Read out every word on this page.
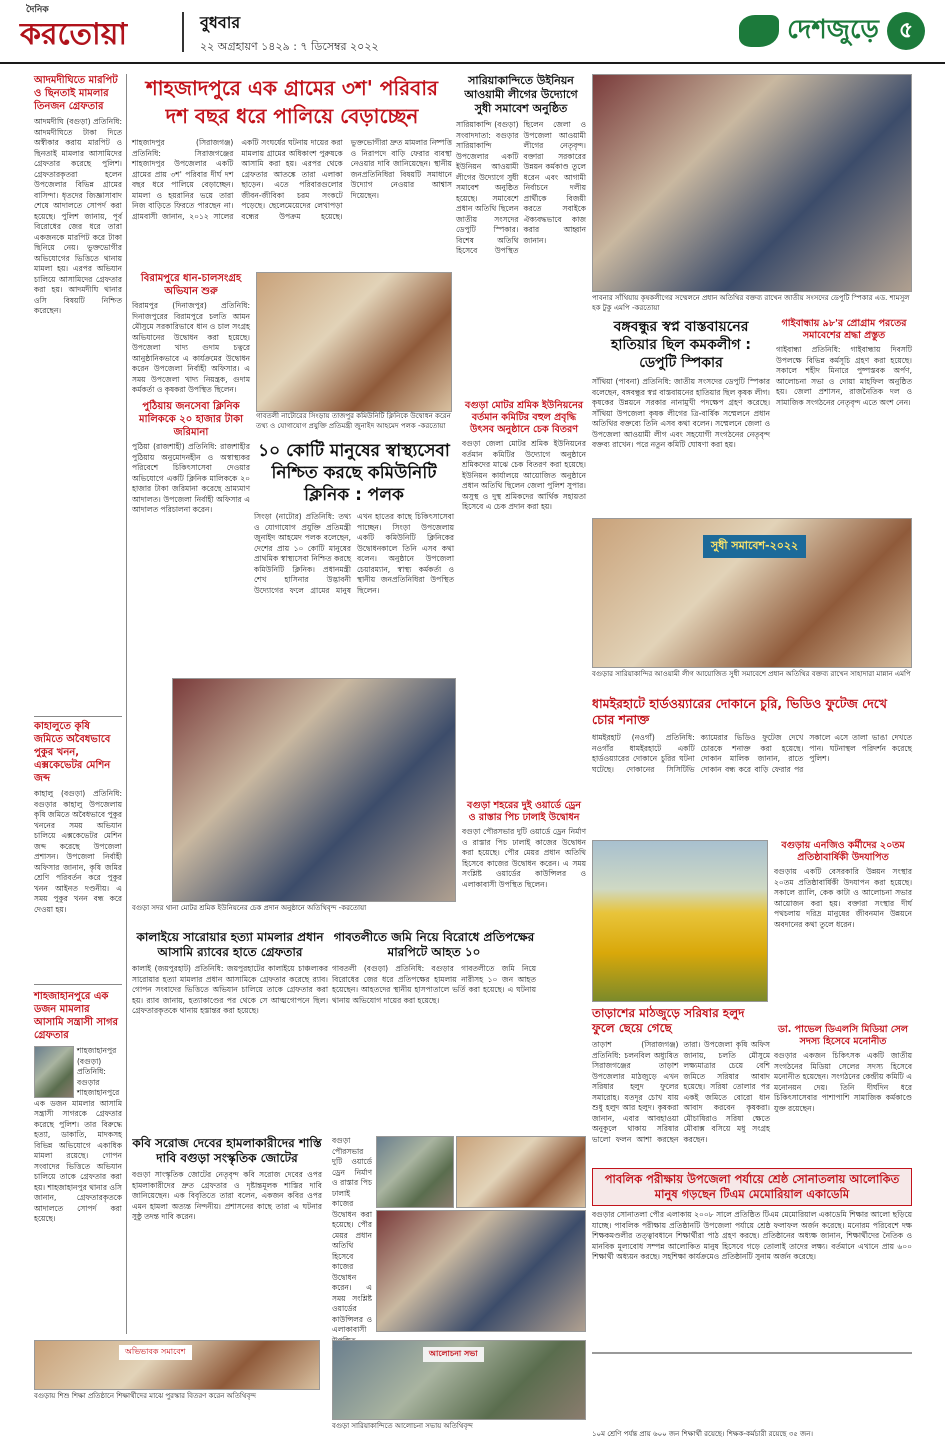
দৈনিক
করতোয়া	বুধবার
২২ অগ্রহায়ণ ১৪২৯ : ৭ ডিসেম্বর ২০২২
দেশজুড়ে ৫
আদমদীঘিতে মারপিট ও ছিনতাই মামলার তিনজন গ্রেফতার
আদমদীঘি (বগুড়া) প্রতিনিধি: আদমদীঘিতে টাকা দিতে অস্বীকার করায় মারপিট ও ছিনতাই মামলার আসামিদের গ্রেফতার করেছে পুলিশ। গ্রেফতারকৃতরা হলেন উপজেলার বিভিন্ন গ্রামের বাসিন্দা। ধৃতদের জিজ্ঞাসাবাদ শেষে আদালতে সোপর্দ করা হয়েছে। পুলিশ জানায়, পূর্ব বিরোধের জের ধরে তারা একজনকে মারপিট করে টাকা ছিনিয়ে নেয়। ভুক্তভোগীর অভিযোগের ভিত্তিতে থানায় মামলা হয়। এরপর অভিযান চালিয়ে আসামিদের গ্রেফতার করা হয়। আদমদীঘি থানার ওসি বিষয়টি নিশ্চিত করেছেন।
কাহালুতে কৃষি জমিতে অবৈধভাবে পুকুর খনন, এক্সকেভেটর মেশিন জব্দ
কাহালু (বগুড়া) প্রতিনিধি: বগুড়ার কাহালু উপজেলায় কৃষি জমিতে অবৈধভাবে পুকুর খননের সময় অভিযান চালিয়ে এক্সকেভেটর মেশিন জব্দ করেছে উপজেলা প্রশাসন। উপজেলা নির্বাহী অফিসার জানান, কৃষি জমির শ্রেণি পরিবর্তন করে পুকুর খনন আইনত দণ্ডনীয়। এ সময় পুকুর খনন বন্ধ করে দেওয়া হয়।
শাহজাহানপুরে এক ডজন মামলার আসামি সন্ত্রাসী সাগর গ্রেফতার
শাহজাহানপুর (বগুড়া) প্রতিনিধি: বগুড়ার শাহজাহানপুরে এক ডজন মামলার আসামি সন্ত্রাসী সাগরকে গ্রেফতার করেছে পুলিশ। তার বিরুদ্ধে হত্যা, ডাকাতি, মাদকসহ বিভিন্ন অভিযোগে একাধিক মামলা রয়েছে। গোপন সংবাদের ভিত্তিতে অভিযান চালিয়ে তাকে গ্রেফতার করা হয়। শাহজাহানপুর থানার ওসি জানান, গ্রেফতারকৃতকে আদালতে সোপর্দ করা হয়েছে।
শাহজাদপুরে এক গ্রামের ৩শ' পরিবার দশ বছর ধরে পালিয়ে বেড়াচ্ছেন
শাহজাদপুর (সিরাজগঞ্জ) প্রতিনিধি: সিরাজগঞ্জের শাহজাদপুর উপজেলার একটি গ্রামের প্রায় ৩শ' পরিবার দীর্ঘ দশ বছর ধরে পালিয়ে বেড়াচ্ছেন। মামলা ও হয়রানির ভয়ে তারা নিজ বাড়িতে ফিরতে পারছেন না। গ্রামবাসী জানান, ২০১২ সালের একটি সংঘর্ষের ঘটনায় দায়ের করা মামলায় গ্রামের অধিকাংশ পুরুষকে আসামি করা হয়। এরপর থেকে গ্রেফতার আতঙ্কে তারা এলাকা ছাড়েন। এতে পরিবারগুলোর জীবন-জীবিকা চরম সংকটে পড়েছে। ছেলেমেয়েদের লেখাপড়া বন্ধের উপক্রম হয়েছে। ভুক্তভোগীরা দ্রুত মামলার নিষ্পত্তি ও নিরাপদে বাড়ি ফেরার ব্যবস্থা নেওয়ার দাবি জানিয়েছেন। স্থানীয় জনপ্রতিনিধিরা বিষয়টি সমাধানে উদ্যোগ নেওয়ার আশ্বাস দিয়েছেন।
সারিয়াকান্দিতে উইনিয়ন আওয়ামী লীগের উদ্যোগে সুধী সমাবেশ অনুষ্ঠিত
সারিয়াকান্দি (বগুড়া) সংবাদদাতা: বগুড়ার সারিয়াকান্দি উপজেলার একটি ইউনিয়ন আওয়ামী লীগের উদ্যোগে সুধী সমাবেশ অনুষ্ঠিত হয়েছে। সমাবেশে প্রধান অতিথি ছিলেন জাতীয় সংসদের ডেপুটি স্পিকার। বিশেষ অতিথি হিসেবে উপস্থিত ছিলেন জেলা ও উপজেলা আওয়ামী লীগের নেতৃবৃন্দ। বক্তারা সরকারের উন্নয়ন কর্মকাণ্ড তুলে ধরেন এবং আগামী নির্বাচনে দলীয় প্রার্থীকে বিজয়ী করতে সবাইকে ঐক্যবদ্ধভাবে কাজ করার আহ্বান জানান।
বিরামপুরে ধান-চালসংগ্রহ অভিযান শুরু
বিরামপুর (দিনাজপুর) প্রতিনিধি: দিনাজপুরের বিরামপুরে চলতি আমন মৌসুমে সরকারিভাবে ধান ও চাল সংগ্রহ অভিযানের উদ্বোধন করা হয়েছে। উপজেলা খাদ্য গুদাম চত্বরে আনুষ্ঠানিকভাবে এ কার্যক্রমের উদ্বোধন করেন উপজেলা নির্বাহী অফিসার। এ সময় উপজেলা খাদ্য নিয়ন্ত্রক, গুদাম কর্মকর্তা ও কৃষকরা উপস্থিত ছিলেন।
পুঠিয়ায় জনসেবা ক্লিনিক মালিককে ২০ হাজার টাকা জরিমানা
পুঠিয়া (রাজশাহী) প্রতিনিধি: রাজশাহীর পুঠিয়ায় অনুমোদনহীন ও অস্বাস্থ্যকর পরিবেশে চিকিৎসাসেবা দেওয়ার অভিযোগে একটি ক্লিনিক মালিককে ২০ হাজার টাকা জরিমানা করেছে ভ্রাম্যমাণ আদালত। উপজেলা নির্বাহী অফিসার এ আদালত পরিচালনা করেন।
গাবতলী নাটোরের সিংড়ায় তাজপুর কমিউনিটি ক্লিনিকে উদ্বোধন করেন তথ্য ও যোগাযোগ প্রযুক্তি প্রতিমন্ত্রী জুনাইদ আহমেদ পলক -করতোয়া
১০ কোটি মানুষের স্বাস্থ্যসেবা নিশ্চিত করছে কমিউনিটি ক্লিনিক : পলক
সিংড়া (নাটোর) প্রতিনিধি: তথ্য ও যোগাযোগ প্রযুক্তি প্রতিমন্ত্রী জুনাইদ আহমেদ পলক বলেছেন, দেশের প্রায় ১০ কোটি মানুষের প্রাথমিক স্বাস্থ্যসেবা নিশ্চিত করছে কমিউনিটি ক্লিনিক। প্রধানমন্ত্রী শেখ হাসিনার উদ্ভাবনী উদ্যোগের ফলে গ্রামের মানুষ এখন হাতের কাছে চিকিৎসাসেবা পাচ্ছেন। সিংড়া উপজেলায় একটি কমিউনিটি ক্লিনিকের উদ্বোধনকালে তিনি এসব কথা বলেন। অনুষ্ঠানে উপজেলা চেয়ারম্যান, স্বাস্থ্য কর্মকর্তা ও স্থানীয় জনপ্রতিনিধিরা উপস্থিত ছিলেন।
বগুড়া সদর থানা মোটর শ্রমিক ইউনিয়নের চেক প্রদান অনুষ্ঠানে অতিথিবৃন্দ -করতোয়া
কালাইয়ে সারোয়ার হত্যা মামলার প্রধান আসামি র‍্যাবের হাতে গ্রেফতার
কালাই (জয়পুরহাট) প্রতিনিধি: জয়পুরহাটের কালাইয়ে চাঞ্চল্যকর সারোয়ার হত্যা মামলার প্রধান আসামিকে গ্রেফতার করেছে র‍্যাব। গোপন সংবাদের ভিত্তিতে অভিযান চালিয়ে তাকে গ্রেফতার করা হয়। র‍্যাব জানায়, হত্যাকাণ্ডের পর থেকে সে আত্মগোপনে ছিল। গ্রেফতারকৃতকে থানায় হস্তান্তর করা হয়েছে।
গাবতলীতে জমি নিয়ে বিরোধে প্রতিপক্ষের মারপিটে আহত ১০
গাবতলী (বগুড়া) প্রতিনিধি: বগুড়ার গাবতলীতে জমি নিয়ে বিরোধের জের ধরে প্রতিপক্ষের হামলায় নারীসহ ১০ জন আহত হয়েছেন। আহতদের স্থানীয় হাসপাতালে ভর্তি করা হয়েছে। এ ঘটনায় থানায় অভিযোগ দায়ের করা হয়েছে।
কবি সরোজ দেবের হামলাকারীদের শাস্তি দাবি বগুড়া সংস্কৃতিক জোটের
বগুড়া সাংস্কৃতিক জোটের নেতৃবৃন্দ কবি সরোজ দেবের ওপর হামলাকারীদের দ্রুত গ্রেফতার ও দৃষ্টান্তমূলক শাস্তির দাবি জানিয়েছেন। এক বিবৃতিতে তারা বলেন, একজন কবির ওপর এমন হামলা অত্যন্ত নিন্দনীয়। প্রশাসনের কাছে তারা এ ঘটনার সুষ্ঠু তদন্ত দাবি করেন।
বগুড়া মোটর শ্রমিক ইউনিয়নের বর্তমান কমিটির বহুল প্রবৃদ্ধি উৎসব অনুষ্ঠানে চেক বিতরণ
বগুড়া জেলা মোটর শ্রমিক ইউনিয়নের বর্তমান কমিটির উদ্যোগে অনুষ্ঠানে শ্রমিকদের মাঝে চেক বিতরণ করা হয়েছে। ইউনিয়ন কার্যালয়ে আয়োজিত অনুষ্ঠানে প্রধান অতিথি ছিলেন জেলা পুলিশ সুপার। অসুস্থ ও দুস্থ শ্রমিকদের আর্থিক সহায়তা হিসেবে এ চেক প্রদান করা হয়।
বগুড়া শহরের দুই ওয়ার্ডে ড্রেন ও রাস্তার পিচ ঢালাই উদ্বোধন
বগুড়া পৌরসভার দুটি ওয়ার্ডে ড্রেন নির্মাণ ও রাস্তার পিচ ঢালাই কাজের উদ্বোধন করা হয়েছে। পৌর মেয়র প্রধান অতিথি হিসেবে কাজের উদ্বোধন করেন। এ সময় সংশ্লিষ্ট ওয়ার্ডের কাউন্সিলর ও এলাকাবাসী উপস্থিত ছিলেন।
পাবনার সাঁথিয়ায় কৃষকলীগের সম্মেলনে প্রধান অতিথির বক্তব্য রাখেন জাতীয় সংসদের ডেপুটি স্পিকার এড. শামসুল হক টুকু এমপি -করতোয়া
বঙ্গবন্ধুর স্বপ্ন বাস্তবায়নের হাতিয়ার ছিল কমকলীগ : ডেপুটি স্পিকার
সাঁথিয়া (পাবনা) প্রতিনিধি: জাতীয় সংসদের ডেপুটি স্পিকার বলেছেন, বঙ্গবন্ধুর স্বপ্ন বাস্তবায়নের হাতিয়ার ছিল কৃষক লীগ। কৃষকের উন্নয়নে সরকার নানামুখী পদক্ষেপ গ্রহণ করেছে। সাঁথিয়া উপজেলা কৃষক লীগের ত্রি-বার্ষিক সম্মেলনে প্রধান অতিথির বক্তব্যে তিনি এসব কথা বলেন। সম্মেলনে জেলা ও উপজেলা আওয়ামী লীগ এবং সহযোগী সংগঠনের নেতৃবৃন্দ বক্তব্য রাখেন। পরে নতুন কমিটি ঘোষণা করা হয়।
গাইবান্ধায় ৯৮'র প্রোগ্রাম পরতের সমাবেশের শ্রদ্ধা প্রস্তুত
গাইবান্ধা প্রতিনিধি: গাইবান্ধায় দিবসটি উপলক্ষে বিভিন্ন কর্মসূচি গ্রহণ করা হয়েছে। সকালে শহীদ মিনারে পুষ্পস্তবক অর্পণ, আলোচনা সভা ও দোয়া মাহফিল অনুষ্ঠিত হয়। জেলা প্রশাসন, রাজনৈতিক দল ও সামাজিক সংগঠনের নেতৃবৃন্দ এতে অংশ নেন।
সুধী সমাবেশ-২০২২
বগুড়ার সারিয়াকান্দির আওয়ামী লীগ আয়োজিত সুধী সমাবেশে প্রধান অতিথির বক্তব্য রাখেন সাহাদারা মান্নান এমপি
ধামইরহাটে হার্ডওয়্যারের দোকানে চুরি, ভিডিও ফুটেজ দেখে চোর শনাক্ত
ধামইরহাট (নওগাঁ) প্রতিনিধি: নওগাঁর ধামইরহাটে একটি হার্ডওয়্যারের দোকানে চুরির ঘটনা ঘটেছে। দোকানের সিসিটিভি ক্যামেরার ভিডিও ফুটেজ দেখে চোরকে শনাক্ত করা হয়েছে। দোকান মালিক জানান, রাতে দোকান বন্ধ করে বাড়ি ফেরার পর সকালে এসে তালা ভাঙা দেখতে পান। ঘটনাস্থল পরিদর্শন করেছে পুলিশ।
বগুড়ায় এনজিও কর্মীদের ২০তম প্রতিষ্ঠাবার্ষিকী উদযাপিত
বগুড়ায় একটি বেসরকারি উন্নয়ন সংস্থার ২০তম প্রতিষ্ঠাবার্ষিকী উদযাপন করা হয়েছে। সকালে র‍্যালি, কেক কাটা ও আলোচনা সভার আয়োজন করা হয়। বক্তারা সংস্থার দীর্ঘ পথচলায় দরিদ্র মানুষের জীবনমান উন্নয়নে অবদানের কথা তুলে ধরেন।
ডা. পাভেল ডিএলসি মিডিয়া সেল সদস্য হিসেবে মনোনীত
বগুড়ার একজন চিকিৎসক একটি জাতীয় সংগঠনের মিডিয়া সেলের সদস্য হিসেবে মনোনীত হয়েছেন। সংগঠনের কেন্দ্রীয় কমিটি এ মনোনয়ন দেয়। তিনি দীর্ঘদিন ধরে চিকিৎসাসেবার পাশাপাশি সামাজিক কর্মকাণ্ডে যুক্ত রয়েছেন।
তাড়াশের মাঠজুড়ে সরিষার হলুদ ফুলে ছেয়ে গেছে
তাড়াশ (সিরাজগঞ্জ) প্রতিনিধি: চলনবিল অধ্যুষিত সিরাজগঞ্জের তাড়াশ উপজেলার মাঠজুড়ে এখন সরিষার হলুদ ফুলের সমারোহ। যতদূর চোখ যায় শুধু হলুদ আর হলুদ। কৃষকরা জানান, এবার আবহাওয়া অনুকূলে থাকায় সরিষার ভালো ফলন আশা করছেন তারা। উপজেলা কৃষি অফিস জানায়, চলতি মৌসুমে লক্ষ্যমাত্রার চেয়ে বেশি জমিতে সরিষার আবাদ হয়েছে। সরিষা তোলার পর একই জমিতে বোরো ধান আবাদ করবেন কৃষকরা। মৌচাষিরাও সরিষা ক্ষেতে মৌবাক্স বসিয়ে মধু সংগ্রহ করছেন।
বগুড়া পৌরসভার দুটি ওয়ার্ডে ড্রেন নির্মাণ ও রাস্তার পিচ ঢালাই কাজের উদ্বোধন করা হয়েছে। পৌর মেয়র প্রধান অতিথি হিসেবে কাজের উদ্বোধন করেন। এ সময় সংশ্লিষ্ট ওয়ার্ডের কাউন্সিলর ও এলাকাবাসী
পাবলিক পরীক্ষায় উপজেলা পর্যায়ে শ্রেষ্ঠ সোনাতলায় আলোকিত মানুষ গড়ছেন টিএম মেমোরিয়াল একাডেমি
বগুড়ার সোনাতলা পৌর এলাকায় ২০০৮ সালে প্রতিষ্ঠিত টিএম মেমোরিয়াল একাডেমি শিক্ষার আলো ছড়িয়ে যাচ্ছে। পাবলিক পরীক্ষায় প্রতিষ্ঠানটি উপজেলা পর্যায়ে শ্রেষ্ঠ ফলাফল অর্জন করেছে। মনোরম পরিবেশে দক্ষ শিক্ষকমণ্ডলীর তত্ত্বাবধানে শিক্ষার্থীরা পাঠ গ্রহণ করছে। প্রতিষ্ঠানের অধ্যক্ষ জানান, শিক্ষার্থীদের নৈতিক ও মানবিক মূল্যবোধ সম্পন্ন আলোকিত মানুষ হিসেবে গড়ে তোলাই তাদের লক্ষ্য। বর্তমানে এখানে প্রায় ৬০০ শিক্ষার্থী অধ্যয়ন করছে। সহশিক্ষা কার্যক্রমেও প্রতিষ্ঠানটি সুনাম অর্জন করেছে।
অভিভাবক সমাবেশ
বগুড়ায় শিশু শিক্ষা প্রতিষ্ঠানে শিক্ষার্থীদের মাঝে পুরস্কার বিতরণ করেন অতিথিবৃন্দ
আলোচনা সভা
বগুড়া সারিয়াকান্দিতে আলোচনা সভায় অতিথিবৃন্দ
১০ম শ্রেণি পর্যন্ত প্রায় ৬০০ জন শিক্ষার্থী রয়েছে। শিক্ষক-কর্মচারী রয়েছে ৩৫ জন।
